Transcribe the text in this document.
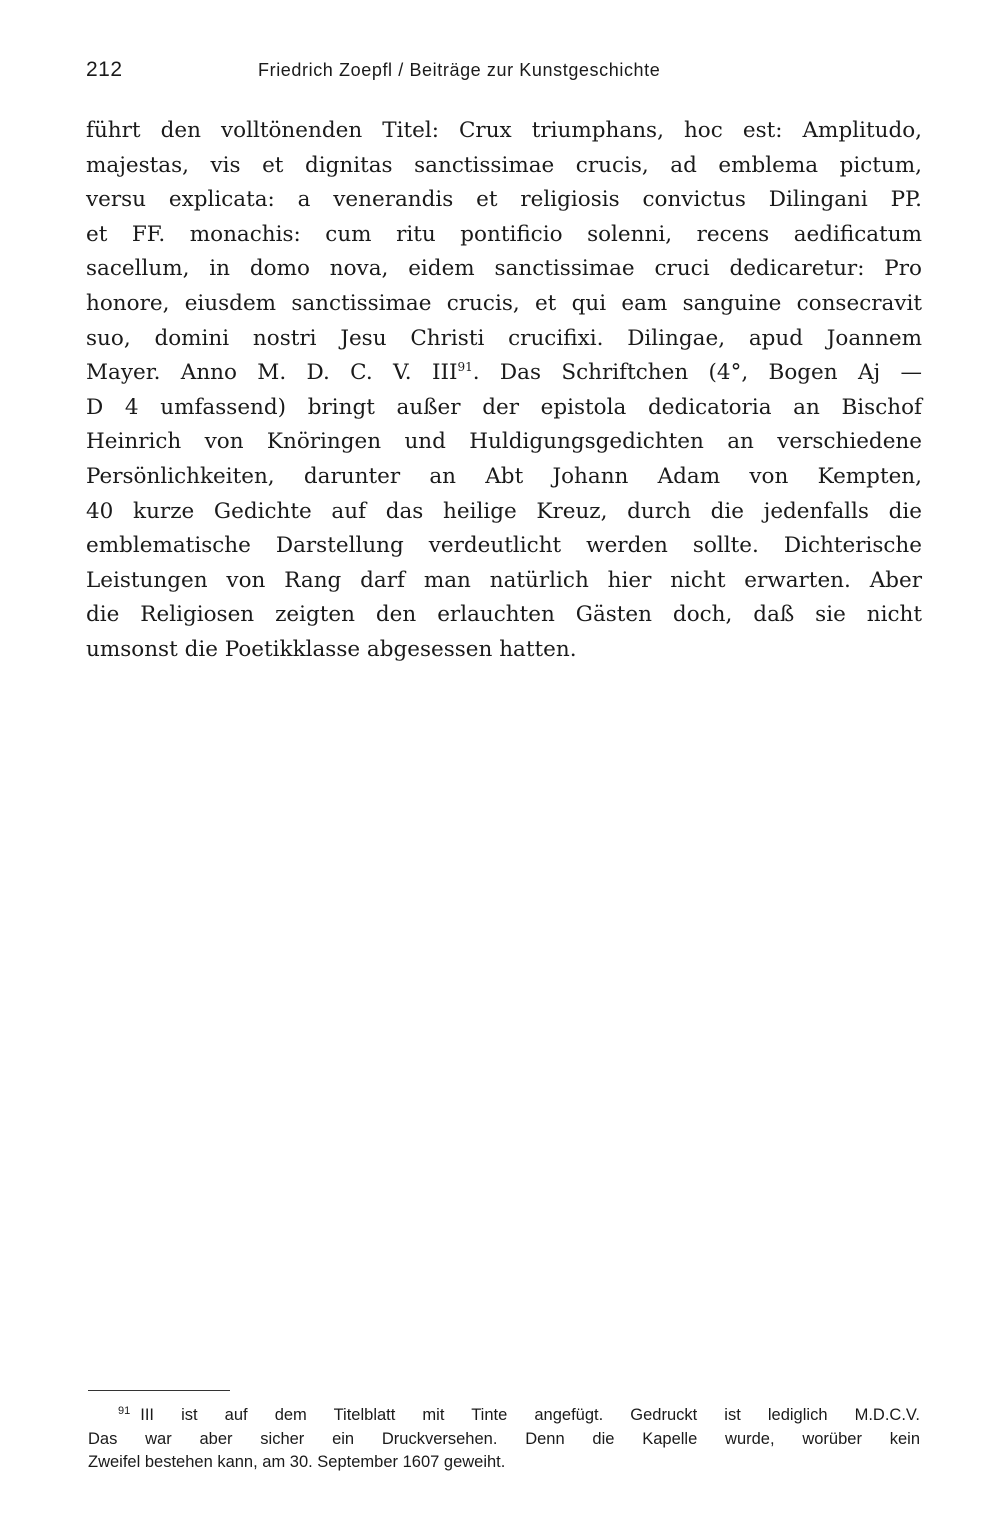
212	Friedrich Zoepfl / Beiträge zur Kunstgeschichte
führt den volltönenden Titel: Crux triumphans, hoc est: Amplitudo,
majestas, vis et dignitas sanctissimae crucis, ad emblema pictum,
versu explicata: a venerandis et religiosis convictus Dilingani PP.
et FF. monachis: cum ritu pontificio solenni, recens aedificatum
sacellum, in domo nova, eidem sanctissimae cruci dedicaretur: Pro
honore, eiusdem sanctissimae crucis, et qui eam sanguine consecravit
suo, domini nostri Jesu Christi crucifixi. Dilingae, apud Joannem
Mayer. Anno M. D. C. V. III$^{91}$. Das Schriftchen (4°, Bogen Aj —
D 4 umfassend) bringt außer der epistola dedicatoria an Bischof
Heinrich von Knöringen und Huldigungsgedichten an verschiedene
Persönlichkeiten, darunter an Abt Johann Adam von Kempten,
40 kurze Gedichte auf das heilige Kreuz, durch die jedenfalls die
emblematische Darstellung verdeutlicht werden sollte. Dichterische
Leistungen von Rang darf man natürlich hier nicht erwarten. Aber
die Religiosen zeigten den erlauchten Gästen doch, daß sie nicht
umsonst die Poetikklasse abgesessen hatten.
$^{91}$ III ist auf dem Titelblatt mit Tinte angefügt. Gedruckt ist lediglich M.D.C.V.
Das war aber sicher ein Druckversehen. Denn die Kapelle wurde, worüber kein
Zweifel bestehen kann, am 30. September 1607 geweiht.
